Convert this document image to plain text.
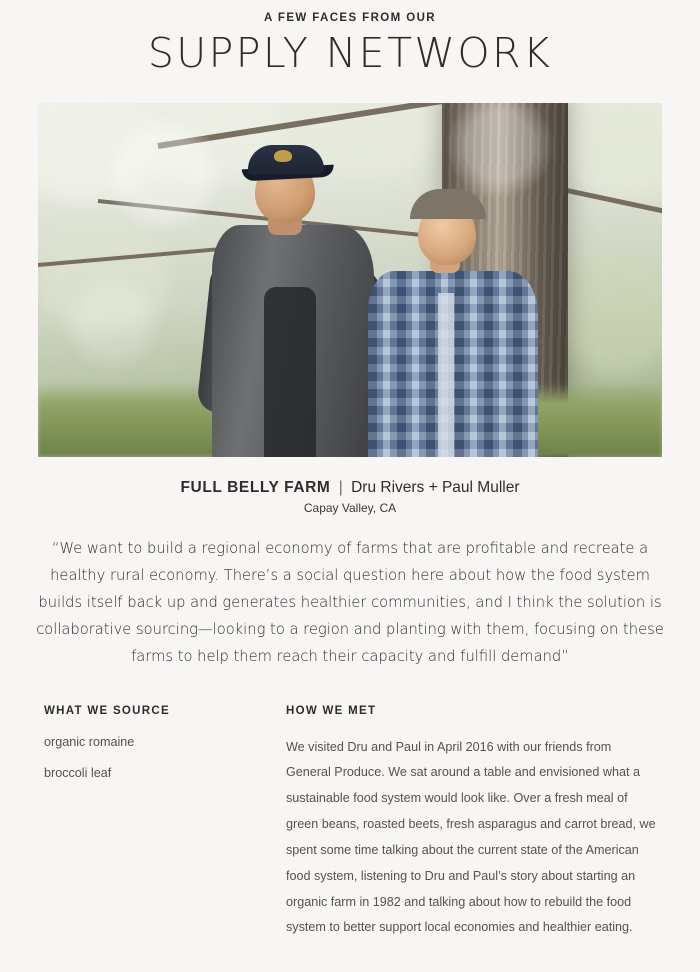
A FEW FACES FROM OUR
SUPPLY NETWORK
FULL BELLY FARM | Dru Rivers + Paul Muller
Capay Valley, CA
“We want to build a regional economy of farms that are profitable and recreate a healthy rural economy. There’s a social question here about how the food system builds itself back up and generates healthier communities, and I think the solution is collaborative sourcing—looking to a region and planting with them, focusing on these farms to help them reach their capacity and fulfill demand”
WHAT WE SOURCE
organic romaine
broccoli leaf
HOW WE MET

We visited Dru and Paul in April 2016 with our friends from General Produce. We sat around a table and envisioned what a sustainable food system would look like. Over a fresh meal of green beans, roasted beets, fresh asparagus and carrot bread, we spent some time talking about the current state of the American food system, listening to Dru and Paul’s story about starting an organic farm in 1982 and talking about how to rebuild the food system to better support local economies and healthier eating.
